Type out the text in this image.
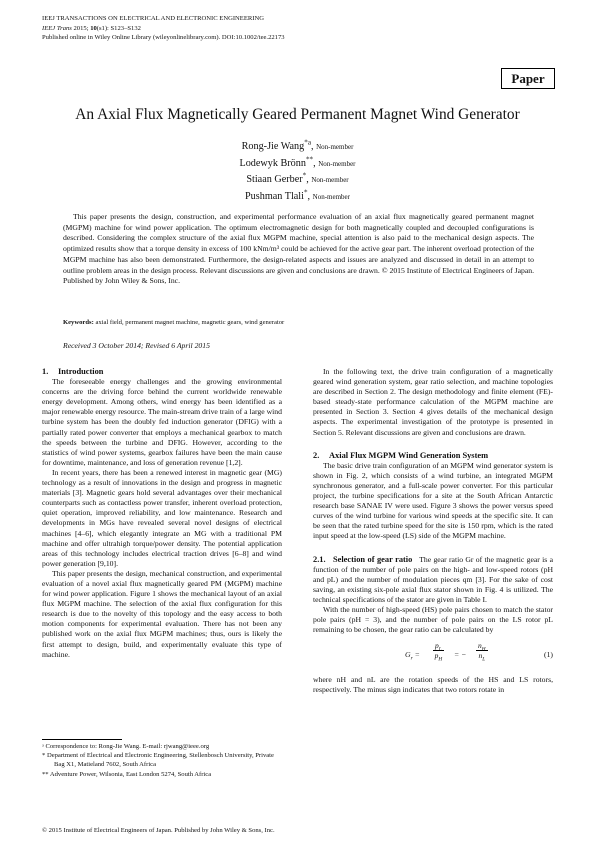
IEEJ TRANSACTIONS ON ELECTRICAL AND ELECTRONIC ENGINEERING
IEEJ Trans 2015; 10(s1): S123–S132
Published online in Wiley Online Library (wileyonlinelibrary.com). DOI:10.1002/tee.22173
Paper
An Axial Flux Magnetically Geared Permanent Magnet Wind Generator
Rong-Jie Wang$^{*a}$, Non-member
Lodewyk Brönn**, Non-member
Stiaan Gerber*, Non-member
Pushman Tlali*, Non-member

This paper presents the design, construction, and experimental performance evaluation of an axial flux magnetically geared permanent magnet (MGPM) machine for wind power application. The optimum electromagnetic design for both magnetically coupled and decoupled configurations is described. Considering the complex structure of the axial flux MGPM machine, special attention is also paid to the mechanical design aspects. The optimized results show that a torque density in excess of 100 kNm/m³ could be achieved for the active gear part. The inherent overload protection of the MGPM machine has also been demonstrated. Furthermore, the design-related aspects and issues are analyzed and discussed in detail in an attempt to outline problem areas in the design process. Relevant discussions are given and conclusions are drawn. © 2015 Institute of Electrical Engineers of Japan. Published by John Wiley & Sons, Inc.

Keywords: axial field, permanent magnet machine, magnetic gears, wind generator
Received 3 October 2014; Revised 6 April 2015

1. Introduction

The foreseeable energy challenges and the growing environmental concerns are the driving force behind the current worldwide renewable energy development. Among others, wind energy has been identified as a major renewable energy resource. The main-stream drive train of a large wind turbine system has been the doubly fed induction generator (DFIG) with a partially rated power converter that employs a mechanical gearbox to match the speeds between the turbine and DFIG. However, according to the statistics of wind power systems, gearbox failures have been the main cause for downtime, maintenance, and loss of generation revenue [1,2].

In recent years, there has been a renewed interest in magnetic gear (MG) technology as a result of innovations in the design and progress in magnetic materials [3]. Magnetic gears hold several advantages over their mechanical counterparts such as contactless power transfer, inherent overload protection, quiet operation, improved reliability, and low maintenance. Research and developments in MGs have revealed several novel designs of electrical machines [4–6], which elegantly integrate an MG with a traditional PM machine and offer ultrahigh torque/power density. The potential application areas of this technology includes electrical traction drives [6–8] and wind power generation [9,10].

This paper presents the design, mechanical construction, and experimental evaluation of a novel axial flux magnetically geared PM (MGPM) machine for wind power application. Figure 1 shows the mechanical layout of an axial flux MGPM machine. The selection of the axial flux configuration for this research is due to the novelty of this topology and the easy access to both motion components for experimental evaluation. There has not been any published work on the axial flux MGPM machines; thus, ours is likely the first attempt to design, build, and experimentally evaluate this type of machine.

ᵃ Correspondence to: Rong-Jie Wang. E-mail: rjwang@ieee.org
* Department of Electrical and Electronic Engineering, Stellenbosch University, Private Bag X1, Matieland 7602, South Africa
** Adventure Power, Wilsonia, East London 5274, South Africa

In the following text, the drive train configuration of a magnetically geared wind generation system, gear ratio selection, and machine topologies are described in Section 2. The design methodology and finite element (FE)-based steady-state performance calculation of the MGPM machine are presented in Section 3. Section 4 gives details of the mechanical design aspects. The experimental investigation of the prototype is presented in Section 5. Relevant discussions are given and conclusions are drawn.

2. Axial Flux MGPM Wind Generation System

The basic drive train configuration of an MGPM wind generator system is shown in Fig. 2, which consists of a wind turbine, an integrated MGPM synchronous generator, and a full-scale power converter. For this particular project, the turbine specifications for a site at the South African Antarctic research base SANAE IV were used. Figure 3 shows the power versus speed curves of the wind turbine for various wind speeds at the specific site. It can be seen that the rated turbine speed for the site is 150 rpm, which is the rated input speed at the low-speed (LS) side of the MGPM machine.

2.1. Selection of gear ratio The gear ratio Gr of the magnetic gear is a function of the number of pole pairs on the high- and low-speed rotors (pH and pL) and the number of modulation pieces qm [3]. For the sake of cost saving, an existing six-pole axial flux stator shown in Fig. 4 is utilized. The technical specifications of the stator are given in Table I.

With the number of high-speed (HS) pole pairs chosen to match the stator pole pairs (pH = 3), and the number of pole pairs on the LS rotor pL remaining to be chosen, the gear ratio can be calculated by

$G_r = \frac{p_L}{p_H}$ = − $\frac{n_H}{n_L}$	(1)

where nH and nL are the rotation speeds of the HS and LS rotors, respectively. The minus sign indicates that two rotors rotate in

© 2015 Institute of Electrical Engineers of Japan. Published by John Wiley & Sons, Inc.
